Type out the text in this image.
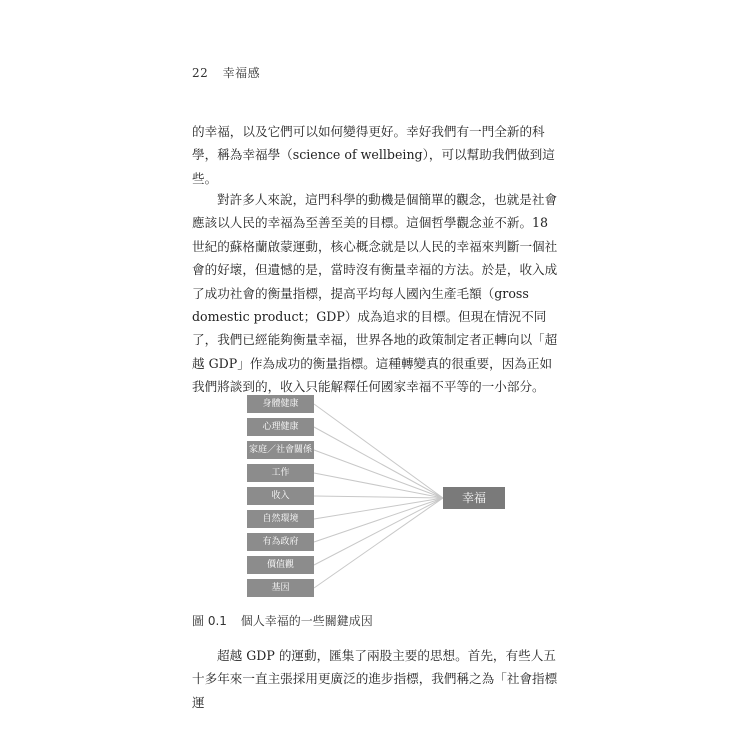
22 幸福感

的幸福，以及它們可以如何變得更好。幸好我們有一門全新的科學，稱為幸福學（science of wellbeing），可以幫助我們做到這些。

對許多人來說，這門科學的動機是個簡單的觀念，也就是社會應該以人民的幸福為至善至美的目標。這個哲學觀念並不新。18 世紀的蘇格蘭啟蒙運動，核心概念就是以人民的幸福來判斷一個社會的好壞，但遺憾的是，當時沒有衡量幸福的方法。於是，收入成了成功社會的衡量指標，提高平均每人國內生產毛額（gross domestic product；GDP）成為追求的目標。但現在情況不同了，我們已經能夠衡量幸福，世界各地的政策制定者正轉向以「超越 GDP」作為成功的衡量指標。這種轉變真的很重要，因為正如我們將談到的，收入只能解釋任何國家幸福不平等的一小部分。

身體健康
心理健康
家庭／社會關係
工作
收入
自然環境
有為政府
價值觀
基因
幸福
圖 0.1 個人幸福的一些關鍵成因

超越 GDP 的運動，匯集了兩股主要的思想。首先，有些人五十多年來一直主張採用更廣泛的進步指標，我們稱之為「社會指標運
